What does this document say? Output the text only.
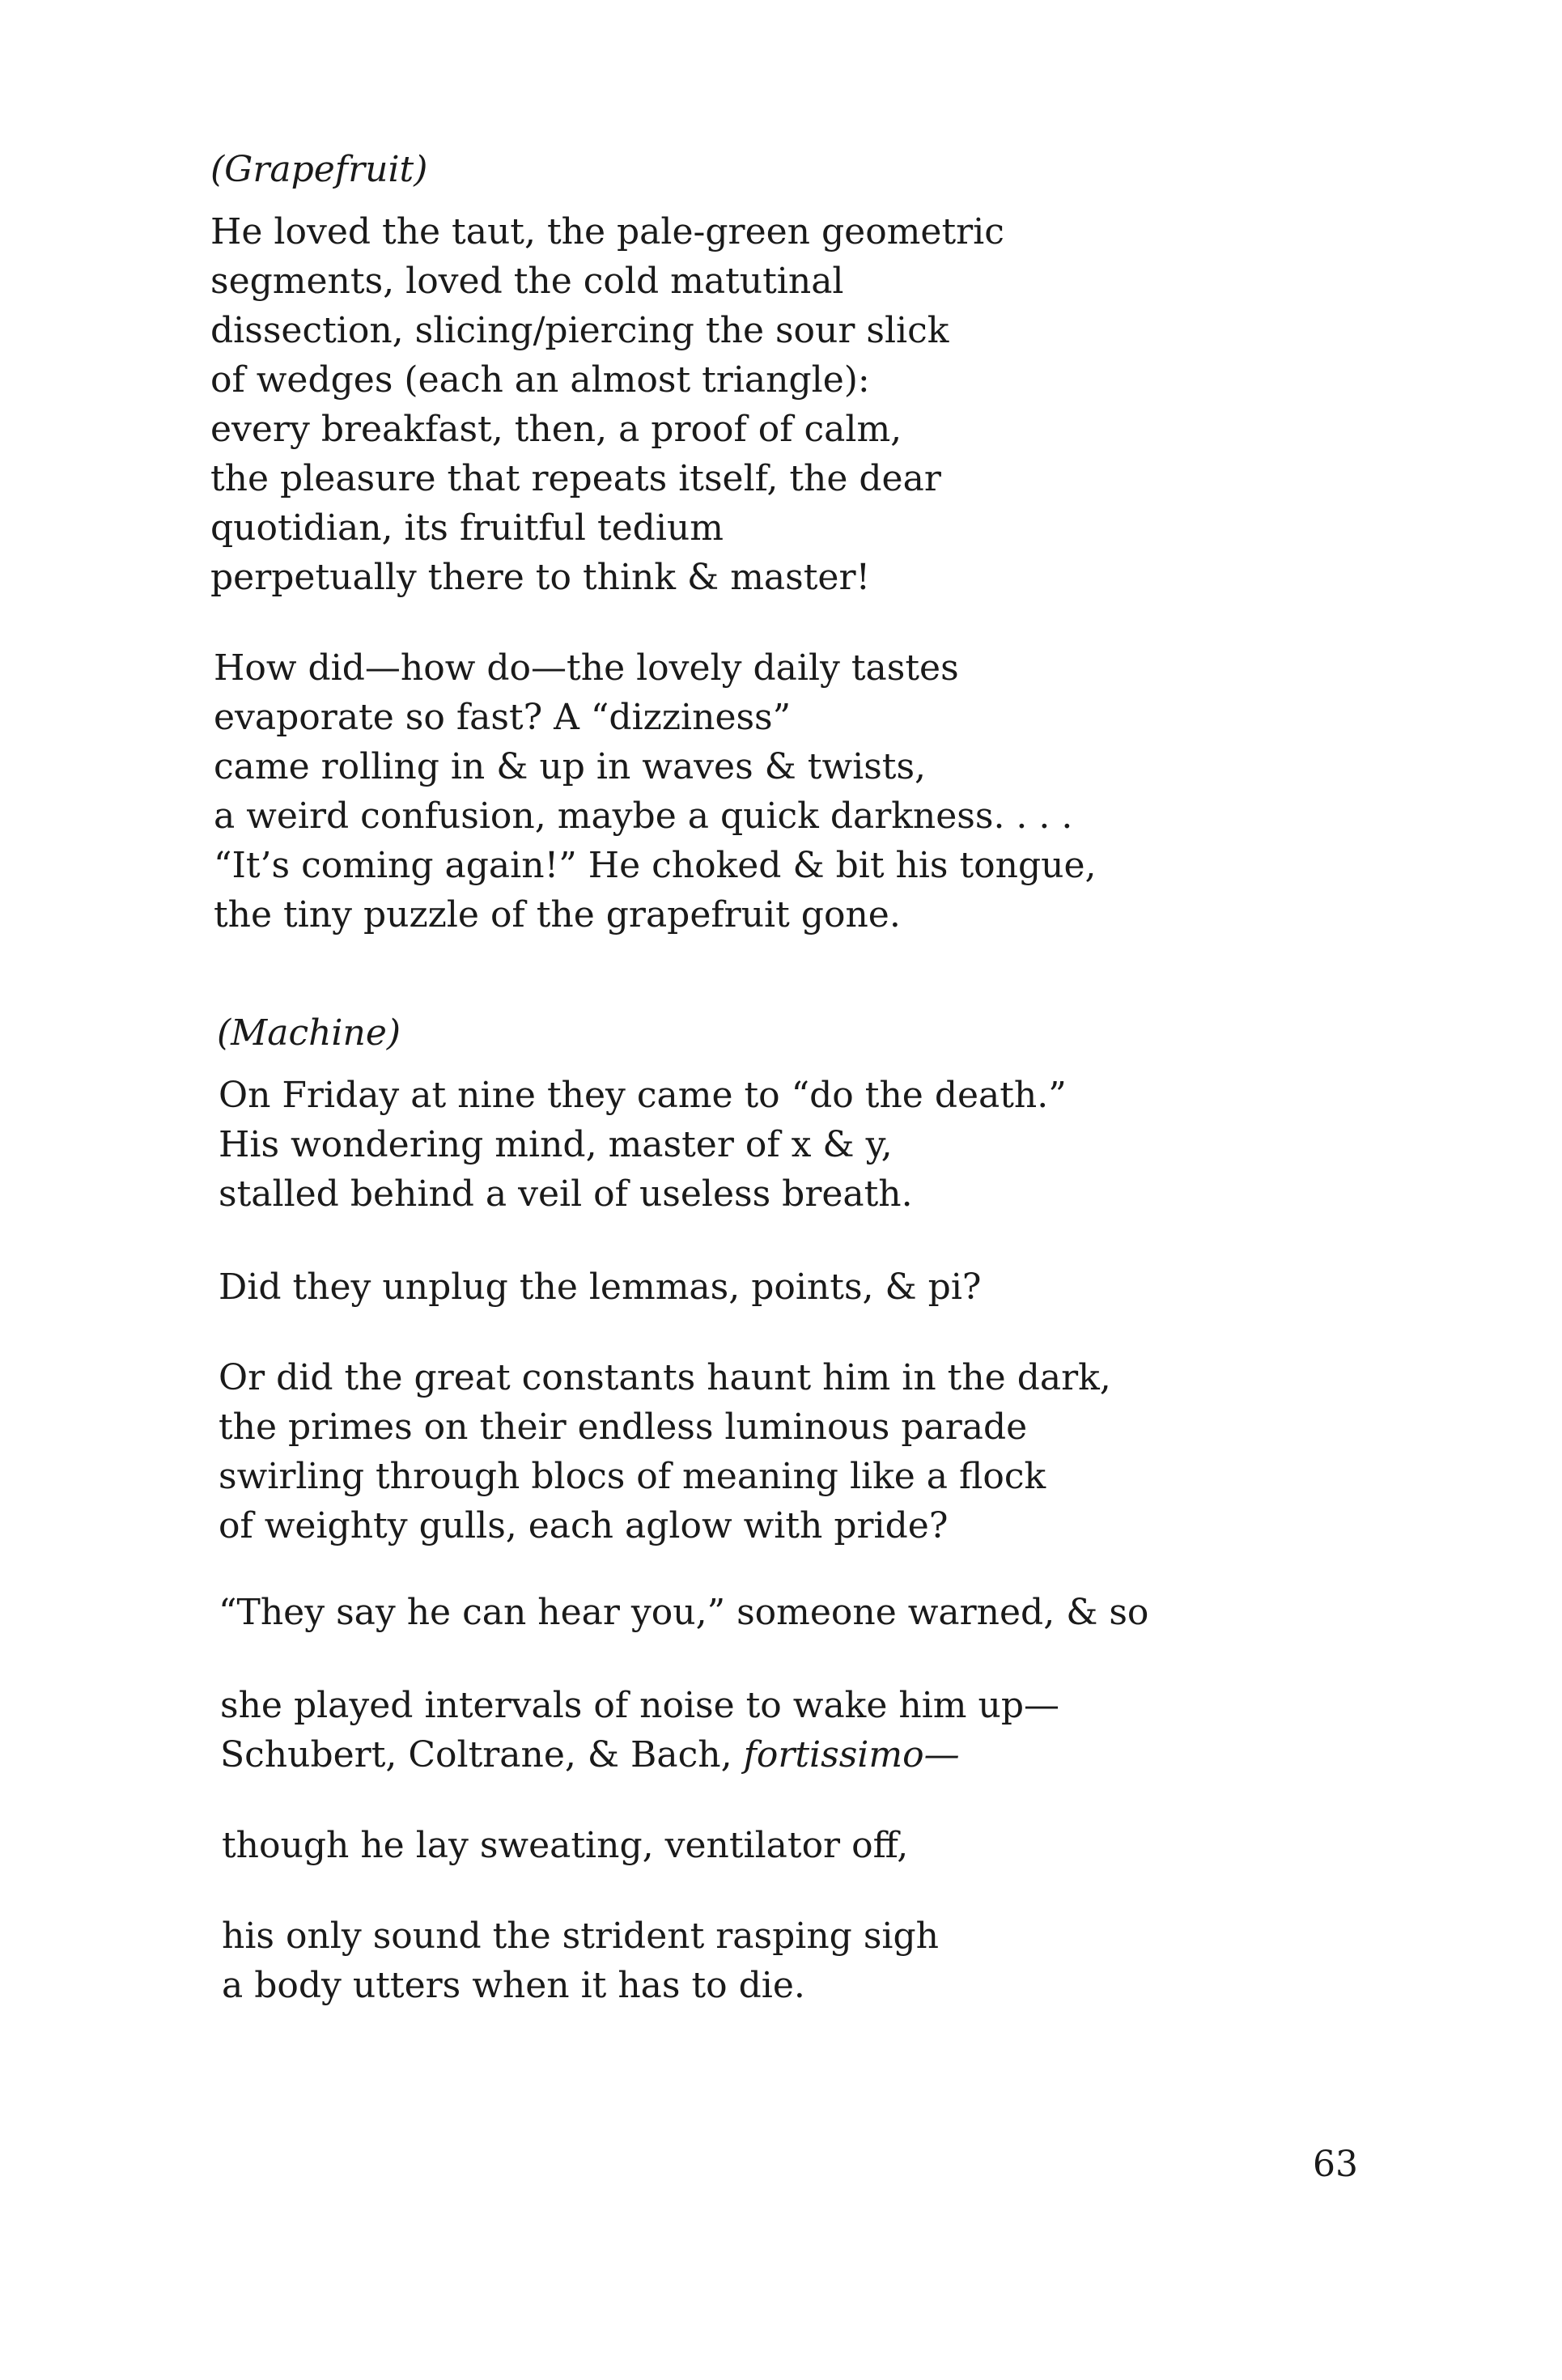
(Grapefruit)
He loved the taut, the pale-green geometric
segments, loved the cold matutinal
dissection, slicing/piercing the sour slick
of wedges (each an almost triangle):
every breakfast, then, a proof of calm,
the pleasure that repeats itself, the dear
quotidian, its fruitful tedium
perpetually there to think & master!
How did—how do—the lovely daily tastes
evaporate so fast? A “dizziness”
came rolling in & up in waves & twists,
a weird confusion, maybe a quick darkness. . . .
“It’s coming again!” He choked & bit his tongue,
the tiny puzzle of the grapefruit gone.
(Machine)
On Friday at nine they came to “do the death.”
His wondering mind, master of x & y,
stalled behind a veil of useless breath.
Did they unplug the lemmas, points, & pi?
Or did the great constants haunt him in the dark,
the primes on their endless luminous parade
swirling through blocs of meaning like a flock
of weighty gulls, each aglow with pride?
“They say he can hear you,” someone warned, & so
she played intervals of noise to wake him up—
Schubert, Coltrane, & Bach, fortissimo—
though he lay sweating, ventilator off,
his only sound the strident rasping sigh
a body utters when it has to die.
63
